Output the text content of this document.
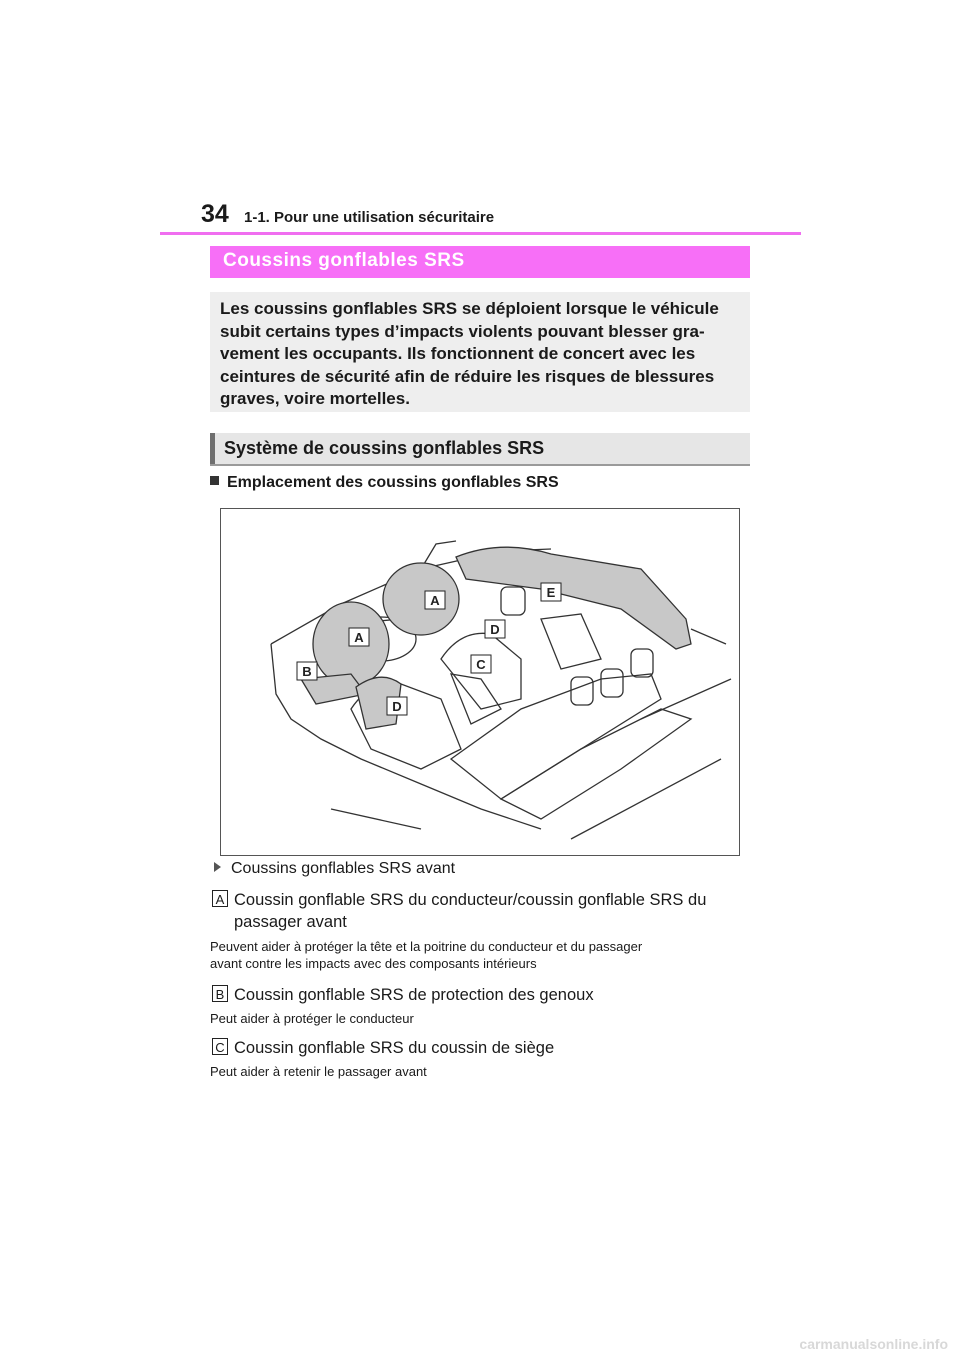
34 1-1. Pour une utilisation sécuritaire
Coussins gonflables SRS
Les coussins gonflables SRS se déploient lorsque le véhicule
subit certains types d’impacts violents pouvant blesser gra-
vement les occupants. Ils fonctionnent de concert avec les
ceintures de sécurité afin de réduire les risques de blessures
graves, voire mortelles.
Système de coussins gonflables SRS
Emplacement des coussins gonflables SRS
A
A
B	C
D
D
E
Coussins gonflables SRS avant
A Coussin gonflable SRS du conducteur/coussin gonflable SRS du
passager avant
Peuvent aider à protéger la tête et la poitrine du conducteur et du passager
avant contre les impacts avec des composants intérieurs
B Coussin gonflable SRS de protection des genoux
Peut aider à protéger le conducteur
C Coussin gonflable SRS du coussin de siège
Peut aider à retenir le passager avant
carmanualsonline.info
